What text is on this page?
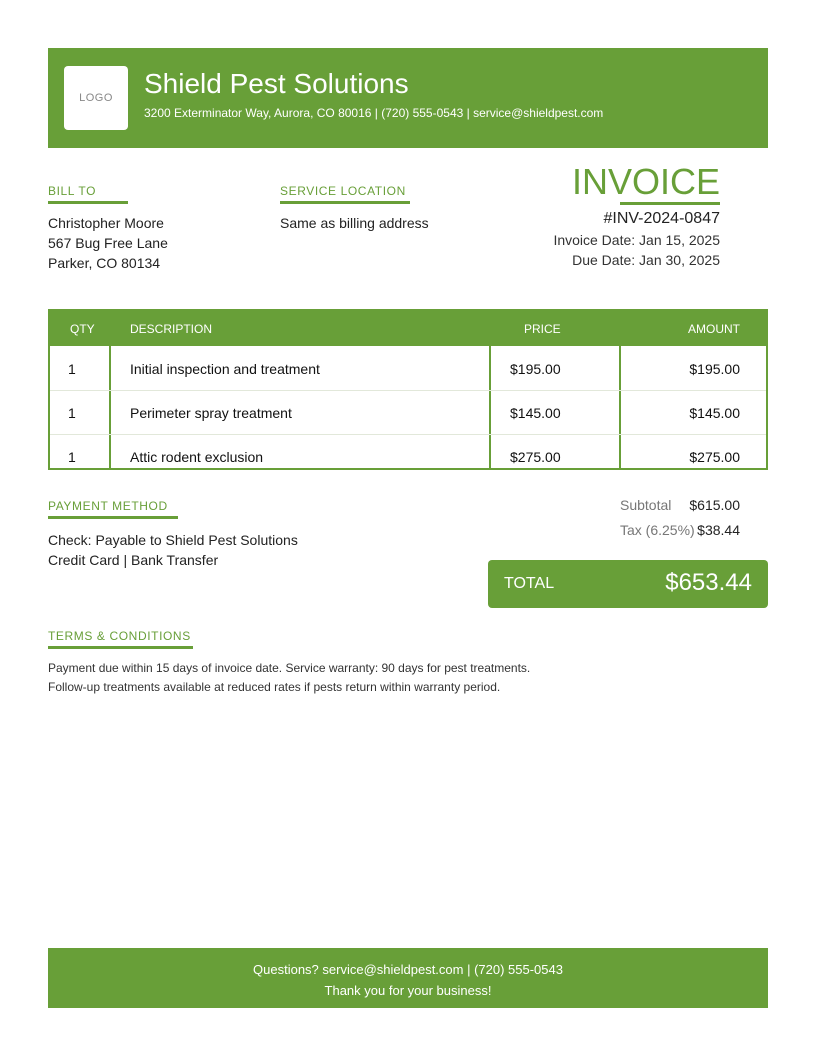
LOGO Shield Pest Solutions
3200 Exterminator Way, Aurora, CO 80016 | (720) 555-0543 | service@shieldpest.com
BILL TO
Christopher Moore
567 Bug Free Lane
Parker, CO 80134
SERVICE LOCATION
Same as billing address
INVOICE
#INV-2024-0847
Invoice Date: Jan 15, 2025
Due Date: Jan 30, 2025
QTY	DESCRIPTION	PRICE	AMOUNT
1	Initial inspection and treatment	$195.00	$195.00
1	Perimeter spray treatment	$145.00	$145.00
1	Attic rodent exclusion	$275.00	$275.00
PAYMENT METHOD
Check: Payable to Shield Pest Solutions
Credit Card | Bank Transfer
Subtotal $615.00
Tax (6.25%) $38.44
TOTAL	$653.44
TERMS & CONDITIONS
Payment due within 15 days of invoice date. Service warranty: 90 days for pest treatments.
Follow-up treatments available at reduced rates if pests return within warranty period.
Questions? service@shieldpest.com | (720) 555-0543
Thank you for your business!
